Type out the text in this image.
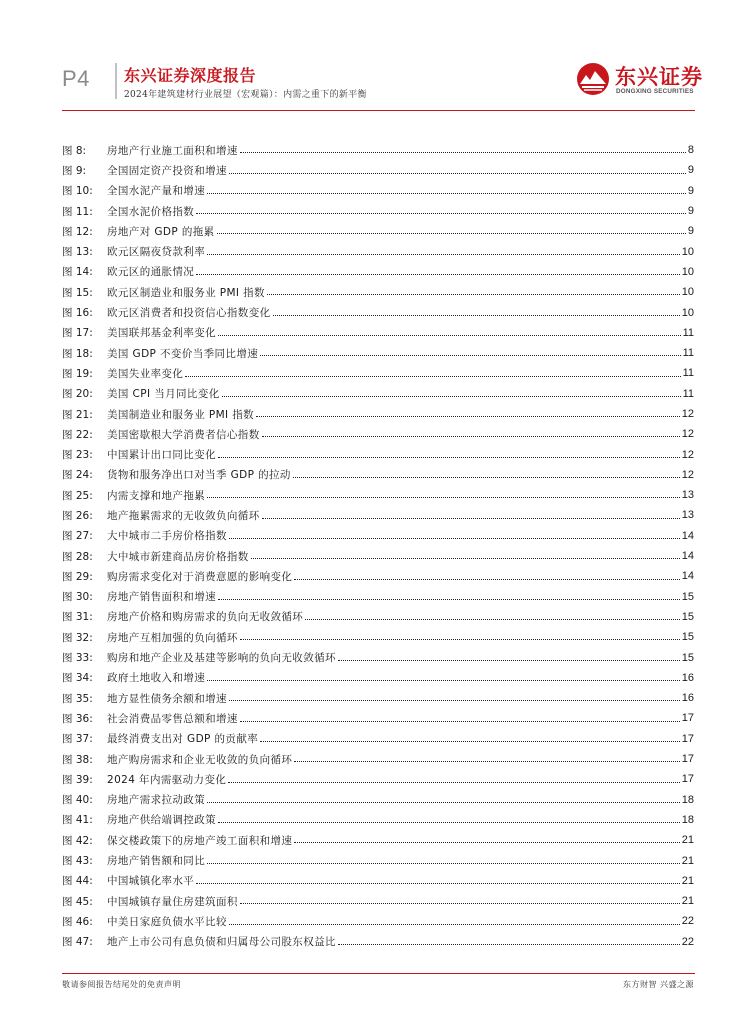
P4 东兴证券深度报告
2024年建筑建材行业展望（宏观篇）：内需之重下的新平衡
东兴证券
DONGXING SECURITIES
图 8:	房地产行业施工面积和增速	8
图 9:	全国固定资产投资和增速	9
图 10:	全国水泥产量和增速	9
图 11:	全国水泥价格指数	9
图 12:	房地产对 GDP 的拖累	9
图 13:	欧元区隔夜贷款利率	10
图 14:	欧元区的通胀情况	10
图 15:	欧元区制造业和服务业 PMI 指数	10
图 16:	欧元区消费者和投资信心指数变化	10
图 17:	美国联邦基金利率变化	11
图 18:	美国 GDP 不变价当季同比增速	11
图 19:	美国失业率变化	11
图 20:	美国 CPI 当月同比变化	11
图 21:	美国制造业和服务业 PMI 指数	12
图 22:	美国密歇根大学消费者信心指数	12
图 23:	中国累计出口同比变化	12
图 24:	货物和服务净出口对当季 GDP 的拉动	12
图 25:	内需支撑和地产拖累	13
图 26:	地产拖累需求的无收敛负向循环	13
图 27:	大中城市二手房价格指数	14
图 28:	大中城市新建商品房价格指数	14
图 29:	购房需求变化对于消费意愿的影响变化	14
图 30:	房地产销售面积和增速	15
图 31:	房地产价格和购房需求的负向无收敛循环	15
图 32:	房地产互相加强的负向循环	15
图 33:	购房和地产企业及基建等影响的负向无收敛循环	15
图 34:	政府土地收入和增速	16
图 35:	地方显性债务余额和增速	16
图 36:	社会消费品零售总额和增速	17
图 37:	最终消费支出对 GDP 的贡献率	17
图 38:	地产购房需求和企业无收敛的负向循环	17
图 39:	2024 年内需驱动力变化	17
图 40:	房地产需求拉动政策	18
图 41:	房地产供给端调控政策	18
图 42:	保交楼政策下的房地产竣工面积和增速	21
图 43:	房地产销售额和同比	21
图 44:	中国城镇化率水平	21
图 45:	中国城镇存量住房建筑面积	21
图 46:	中美日家庭负债水平比较	22
图 47:	地产上市公司有息负债和归属母公司股东权益比	22
敬请参阅报告结尾处的免责声明	东方财智 兴盛之源
